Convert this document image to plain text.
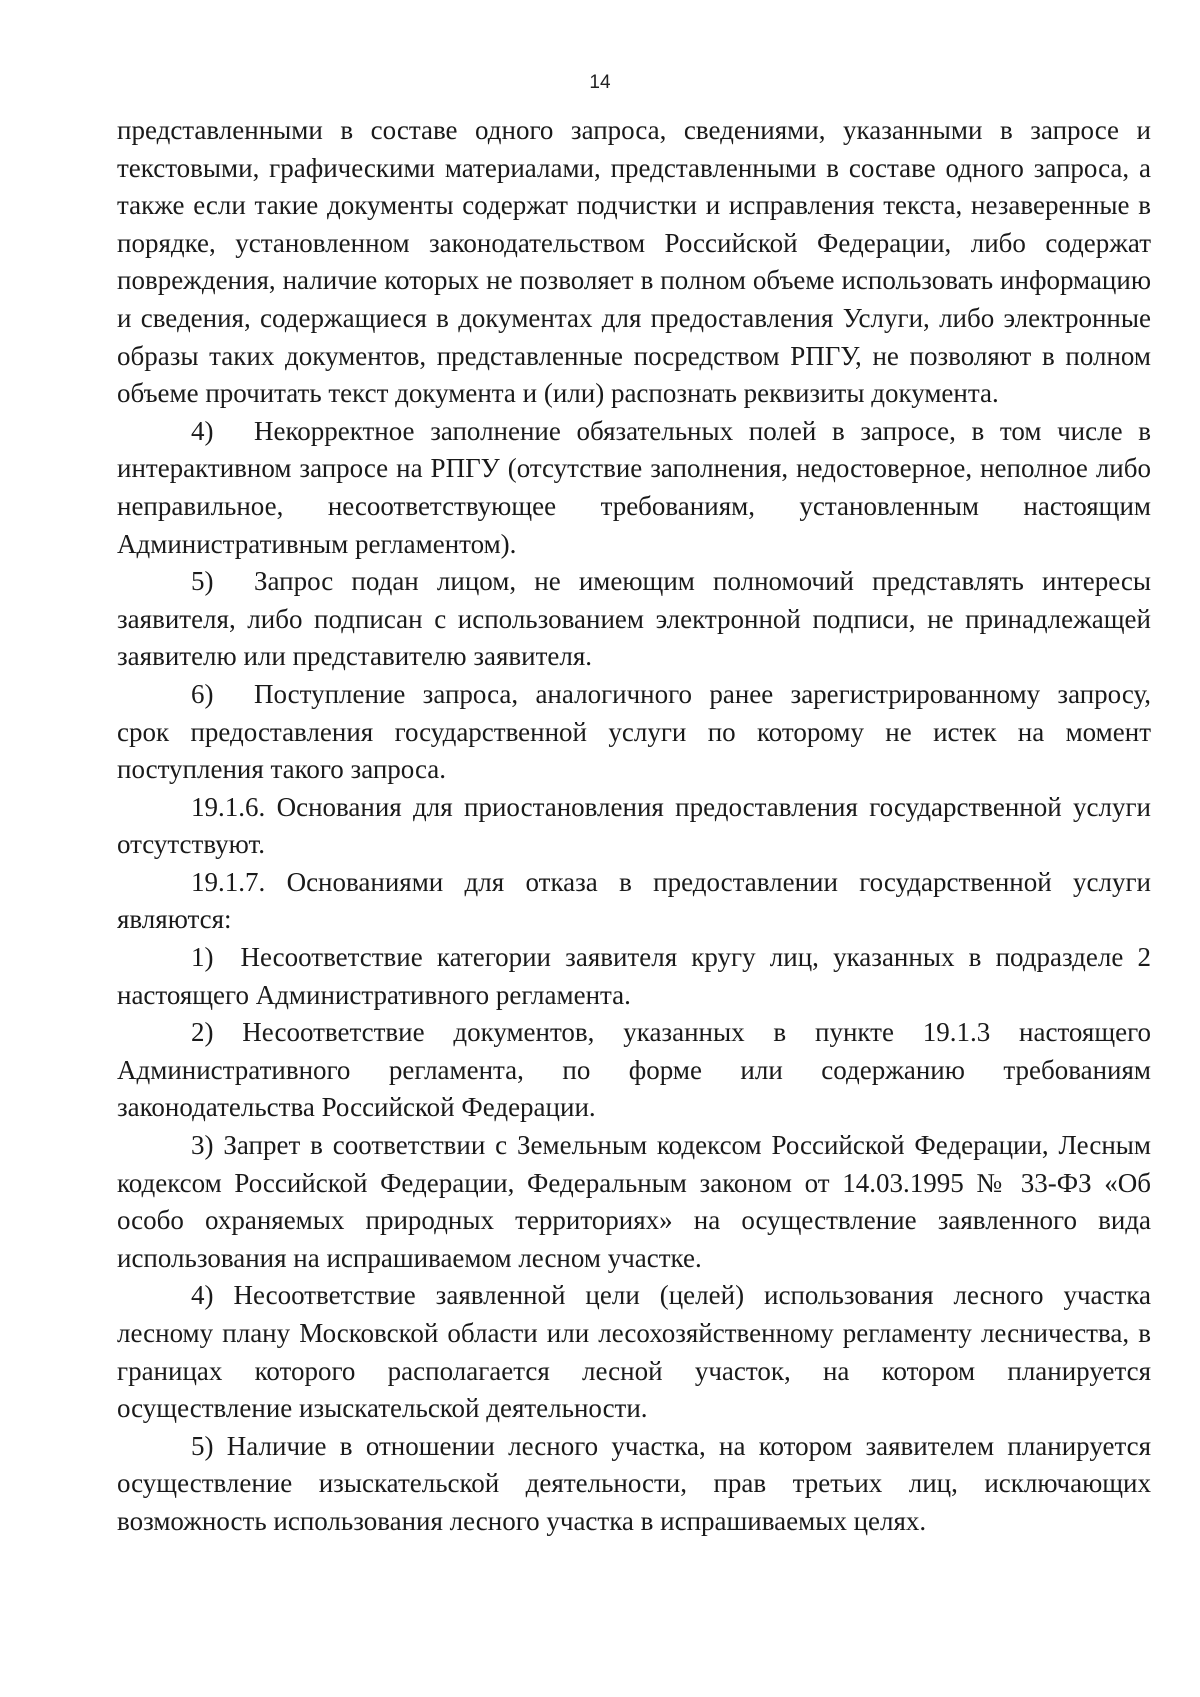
14

представленными в составе одного запроса, сведениями, указанными в запросе и текстовыми, графическими материалами, представленными в составе одного запроса, а также если такие документы содержат подчистки и исправления текста, незаверенные в порядке, установленном законодательством Российской Федерации, либо содержат повреждения, наличие которых не позволяет в полном объеме использовать информацию и сведения, содержащиеся в документах для предоставления Услуги, либо электронные образы таких документов, представленные посредством РПГУ, не позволяют в полном объеме прочитать текст документа и (или) распознать реквизиты документа.

4)  Некорректное заполнение обязательных полей в запросе, в том числе в интерактивном запросе на РПГУ (отсутствие заполнения, недостоверное, неполное либо неправильное, несоответствующее требованиям, установленным настоящим Административным регламентом).

5)  Запрос подан лицом, не имеющим полномочий представлять интересы заявителя, либо подписан с использованием электронной подписи, не принадлежащей заявителю или представителю заявителя.

6)  Поступление запроса, аналогичного ранее зарегистрированному запросу, срок предоставления государственной услуги по которому не истек на момент поступления такого запроса.

19.1.6. Основания для приостановления предоставления государственной услуги отсутствуют.

19.1.7. Основаниями для отказа в предоставлении государственной услуги являются:

1) Несоответствие категории заявителя кругу лиц, указанных в подразделе 2 настоящего Административного регламента.

2) Несоответствие документов, указанных в пункте 19.1.3 настоящего Административного регламента, по форме или содержанию требованиям законодательства Российской Федерации.

3) Запрет в соответствии с Земельным кодексом Российской Федерации, Лесным кодексом Российской Федерации, Федеральным законом от 14.03.1995 № 33-ФЗ «Об особо охраняемых природных территориях» на осуществление заявленного вида использования на испрашиваемом лесном участке.

4) Несоответствие заявленной цели (целей) использования лесного участка лесному плану Московской области или лесохозяйственному регламенту лесничества, в границах которого располагается лесной участок, на котором планируется осуществление изыскательской деятельности.

5) Наличие в отношении лесного участка, на котором заявителем планируется осуществление изыскательской деятельности, прав третьих лиц, исключающих возможность использования лесного участка в испрашиваемых целях.
